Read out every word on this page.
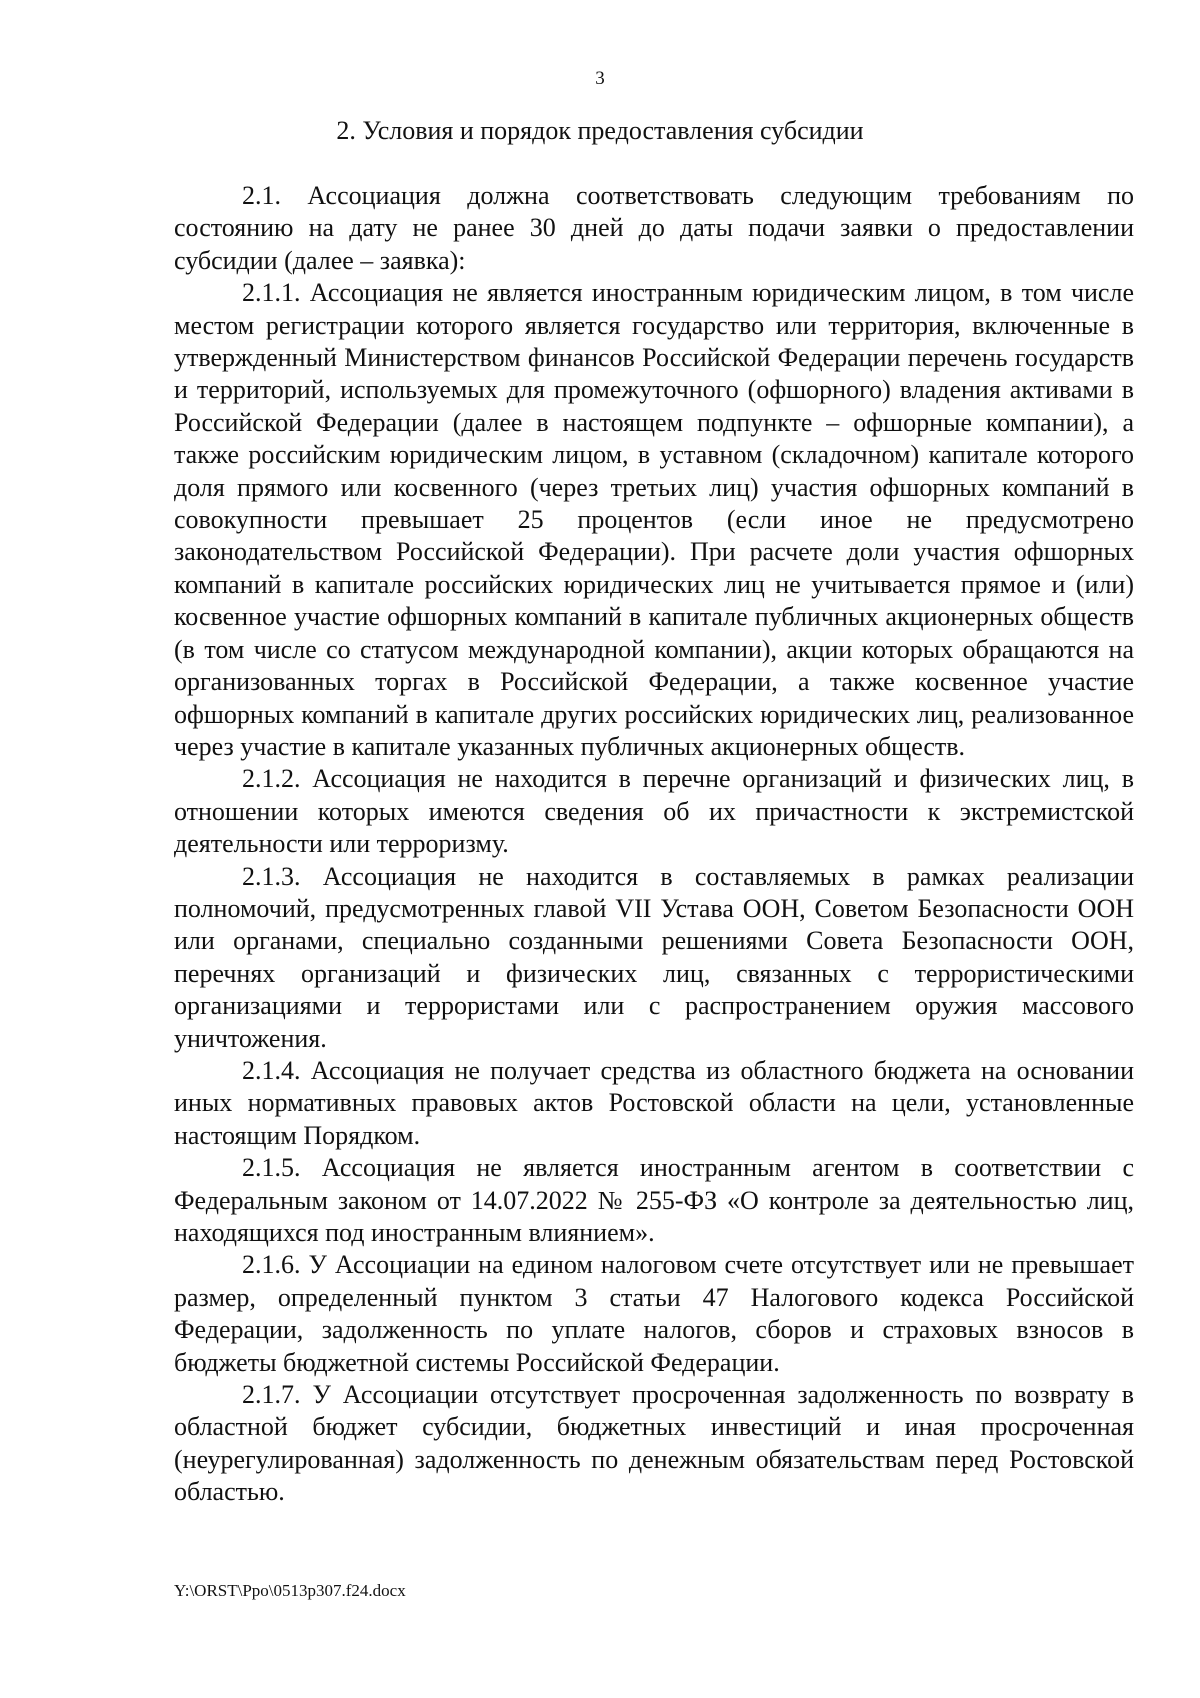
3
2. Условия и порядок предоставления субсидии

2.1. Ассоциация должна соответствовать следующим требованиям по состоянию на дату не ранее 30 дней до даты подачи заявки о предоставлении субсидии (далее – заявка):

2.1.1. Ассоциация не является иностранным юридическим лицом, в том числе местом регистрации которого является государство или территория, включенные в утвержденный Министерством финансов Российской Федерации перечень государств и территорий, используемых для промежуточного (офшорного) владения активами в Российской Федерации (далее в настоящем подпункте – офшорные компании), а также российским юридическим лицом, в уставном (складочном) капитале которого доля прямого или косвенного (через третьих лиц) участия офшорных компаний в совокупности превышает 25 процентов (если иное не предусмотрено законодательством Российской Федерации). При расчете доли участия офшорных компаний в капитале российских юридических лиц не учитывается прямое и (или) косвенное участие офшорных компаний в капитале публичных акционерных обществ (в том числе со статусом международной компании), акции которых обращаются на организованных торгах в Российской Федерации, а также косвенное участие офшорных компаний в капитале других российских юридических лиц, реализованное через участие в капитале указанных публичных акционерных обществ.

2.1.2. Ассоциация не находится в перечне организаций и физических лиц, в отношении которых имеются сведения об их причастности к экстремистской деятельности или терроризму.

2.1.3. Ассоциация не находится в составляемых в рамках реализации полномочий, предусмотренных главой VII Устава ООН, Советом Безопасности ООН или органами, специально созданными решениями Совета Безопасности ООН, перечнях организаций и физических лиц, связанных с террористическими организациями и террористами или с распространением оружия массового уничтожения.

2.1.4. Ассоциация не получает средства из областного бюджета на основании иных нормативных правовых актов Ростовской области на цели, установленные настоящим Порядком.

2.1.5. Ассоциация не является иностранным агентом в соответствии с Федеральным законом от 14.07.2022 № 255-ФЗ «О контроле за деятельностью лиц, находящихся под иностранным влиянием».

2.1.6. У Ассоциации на едином налоговом счете отсутствует или не превышает размер, определенный пунктом 3 статьи 47 Налогового кодекса Российской Федерации, задолженность по уплате налогов, сборов и страховых взносов в бюджеты бюджетной системы Российской Федерации.

2.1.7. У Ассоциации отсутствует просроченная задолженность по возврату в областной бюджет субсидии, бюджетных инвестиций и иная просроченная (неурегулированная) задолженность по денежным обязательствам перед Ростовской областью.

Y:\ORST\Ppo\0513p307.f24.docx
